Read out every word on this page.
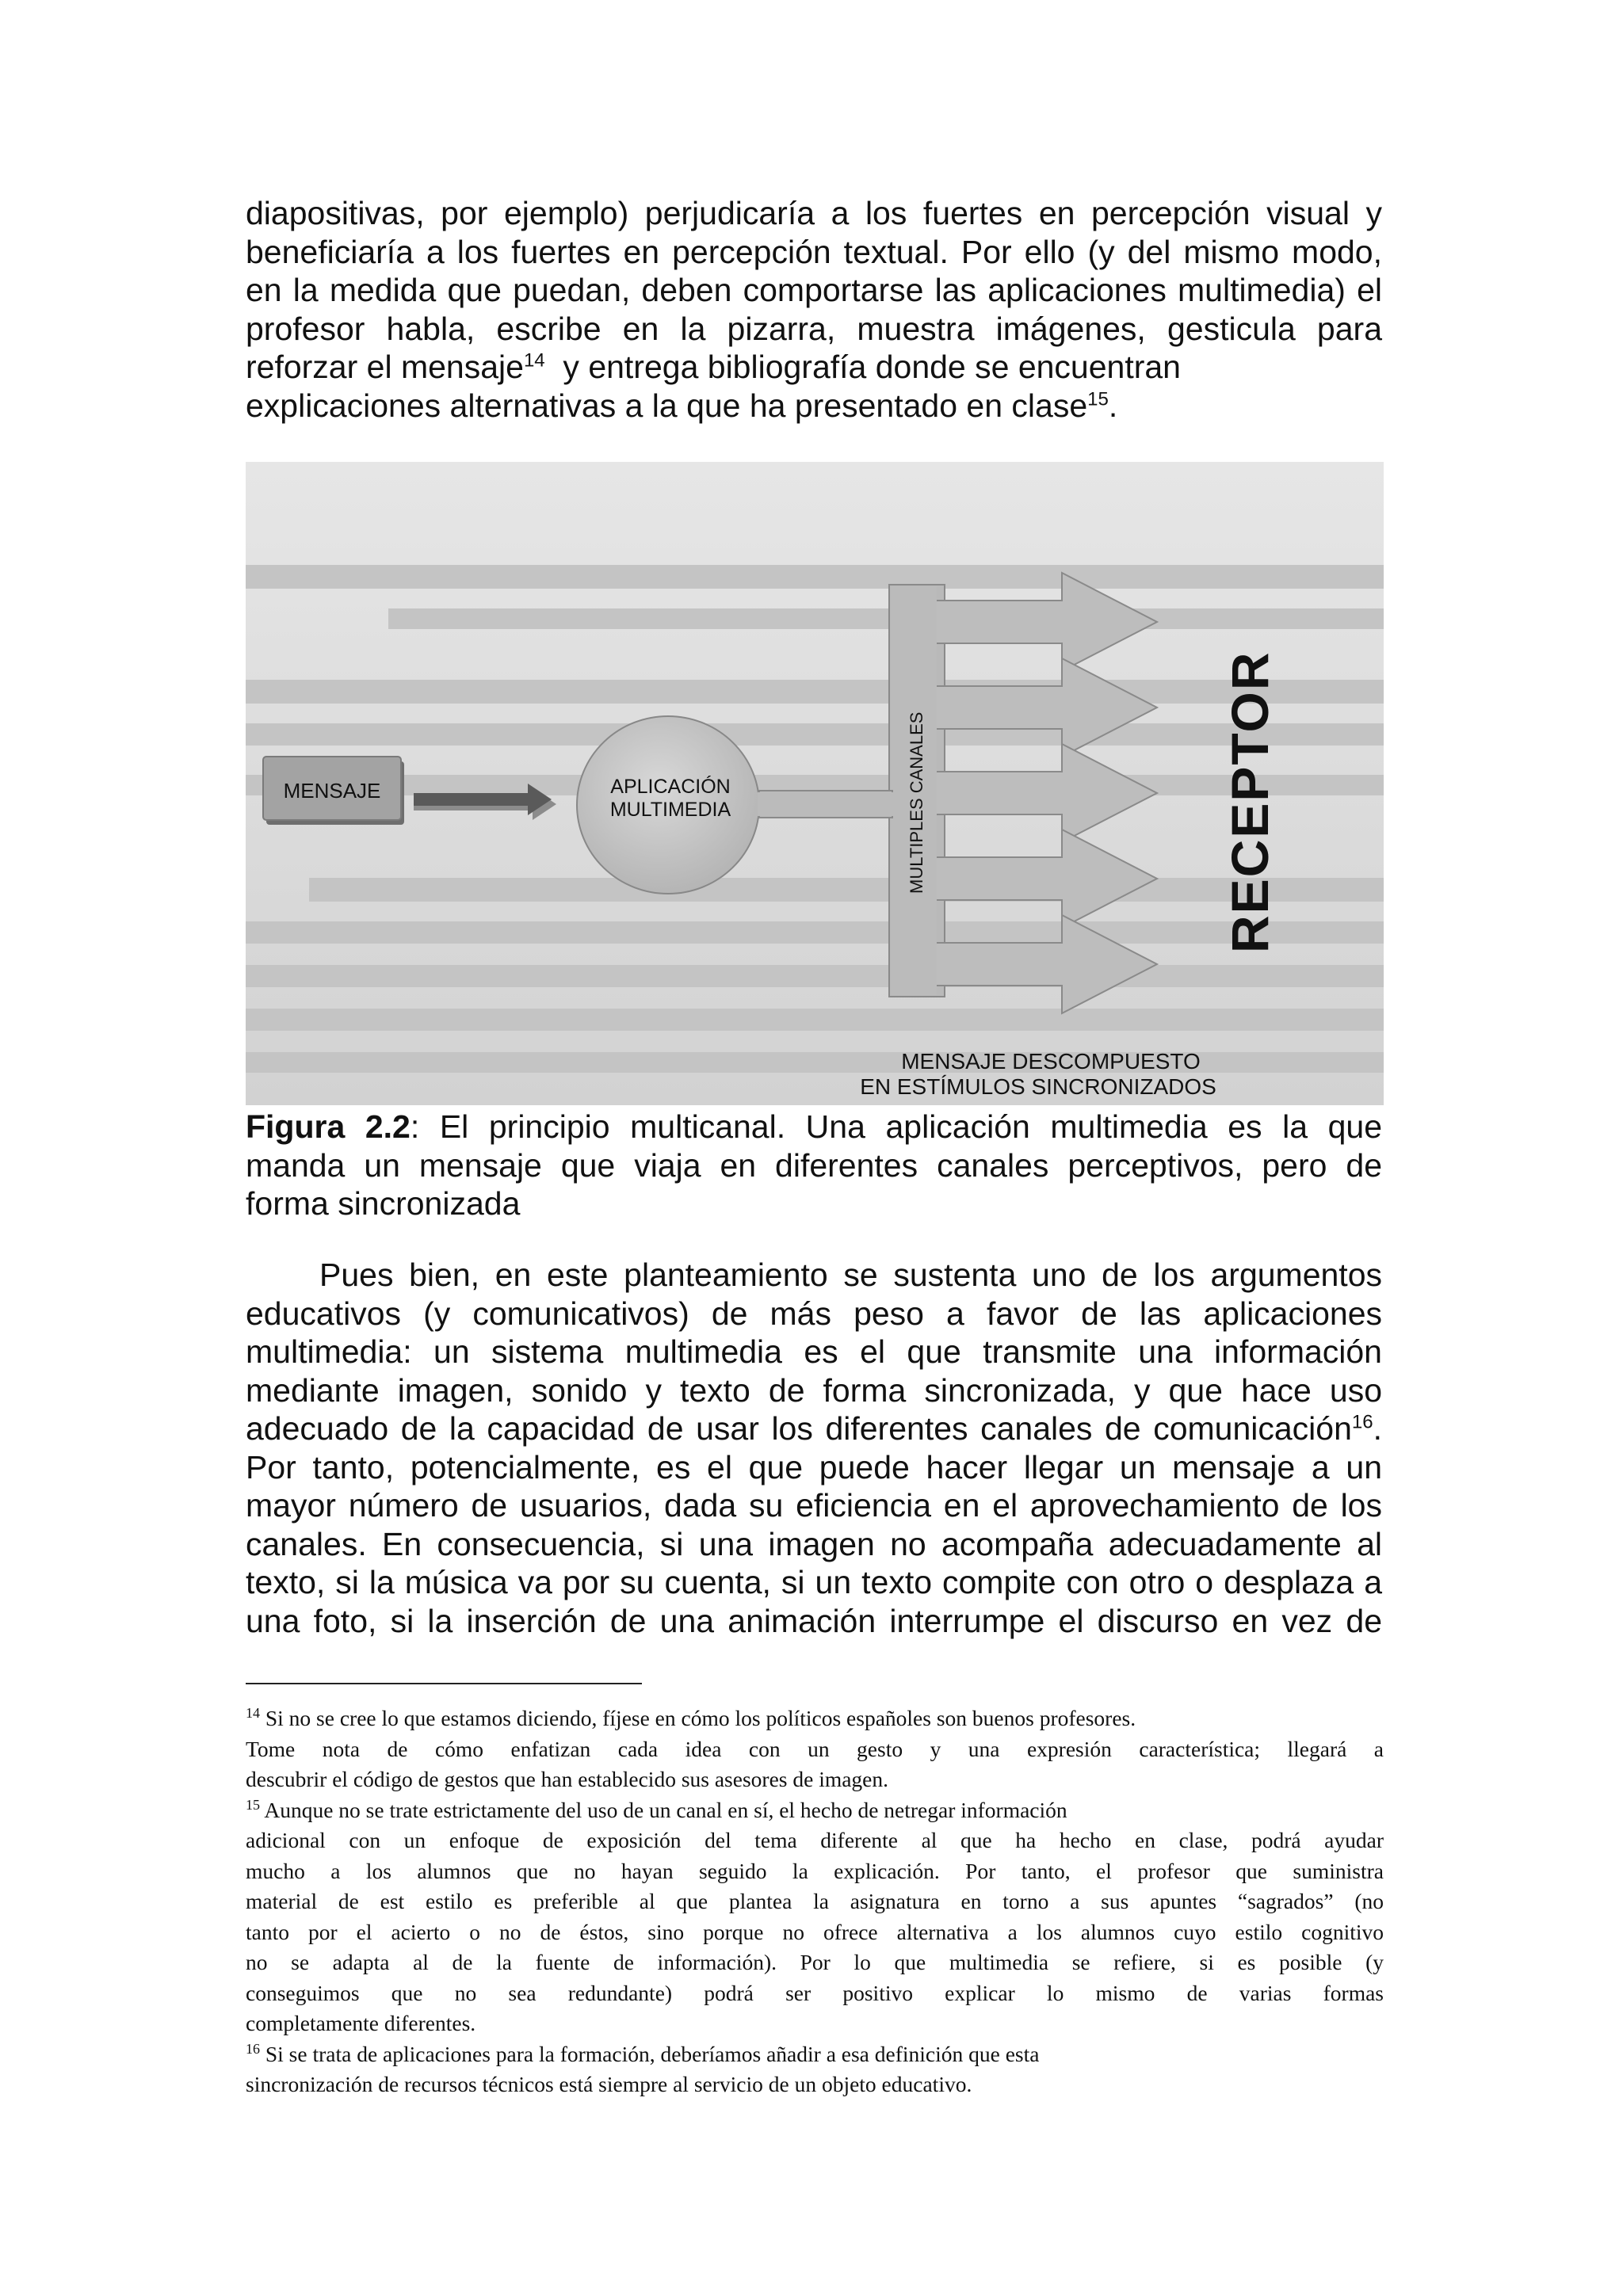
diapositivas, por ejemplo) perjudicaría a los fuertes en percepción visual y
beneficiaría a los fuertes en percepción textual. Por ello (y del mismo modo,
en la medida que puedan, deben comportarse las aplicaciones multimedia) el
profesor habla, escribe en la pizarra, muestra imágenes, gesticula para
reforzar el mensaje$^{14}$  y entrega bibliografía donde se encuentran
explicaciones alternativas a la que ha presentado en clase$^{15}$.
MENSAJE	APLICACIÓN
MULTIMEDIA	MULTIPLES CANALES	RECEPTOR
MENSAJE DESCOMPUESTO
EN ESTÍMULOS SINCRONIZADOS
Figura 2.2: El principio multicanal. Una aplicación multimedia es la que
manda un mensaje que viaja en diferentes canales perceptivos, pero de
forma sincronizada
Pues bien, en este planteamiento se sustenta uno de los argumentos
educativos (y comunicativos) de más peso a favor de las aplicaciones
multimedia: un sistema multimedia es el que transmite una información
mediante imagen, sonido y texto de forma sincronizada, y que hace uso
adecuado de la capacidad de usar los diferentes canales de comunicación$^{16}$.
Por tanto, potencialmente, es el que puede hacer llegar un mensaje a un
mayor número de usuarios, dada su eficiencia en el aprovechamiento de los
canales. En consecuencia, si una imagen no acompaña adecuadamente al
texto, si la música va por su cuenta, si un texto compite con otro o desplaza a
una foto, si la inserción de una animación interrumpe el discurso en vez de
$^{14}$ Si no se cree lo que estamos diciendo, fíjese en cómo los políticos españoles son buenos profesores.
Tome nota de cómo enfatizan cada idea con un gesto y una expresión característica; llegará a
descubrir el código de gestos que han establecido sus asesores de imagen.
$^{15}$ Aunque no se trate estrictamente del uso de un canal en sí, el hecho de netregar información
adicional con un enfoque de exposición del tema diferente al que ha hecho en clase, podrá ayudar
mucho a los alumnos que no hayan seguido la explicación. Por tanto, el profesor que suministra
material de est estilo es preferible al que plantea la asignatura en torno a sus apuntes “sagrados” (no
tanto por el acierto o no de éstos, sino porque no ofrece alternativa a los alumnos cuyo estilo cognitivo
no se adapta al de la fuente de información). Por lo que multimedia se refiere, si es posible (y
conseguimos que no sea redundante) podrá ser positivo explicar lo mismo de varias formas
completamente diferentes.
$^{16}$ Si se trata de aplicaciones para la formación, deberíamos añadir a esa definición que esta
sincronización de recursos técnicos está siempre al servicio de un objeto educativo.
